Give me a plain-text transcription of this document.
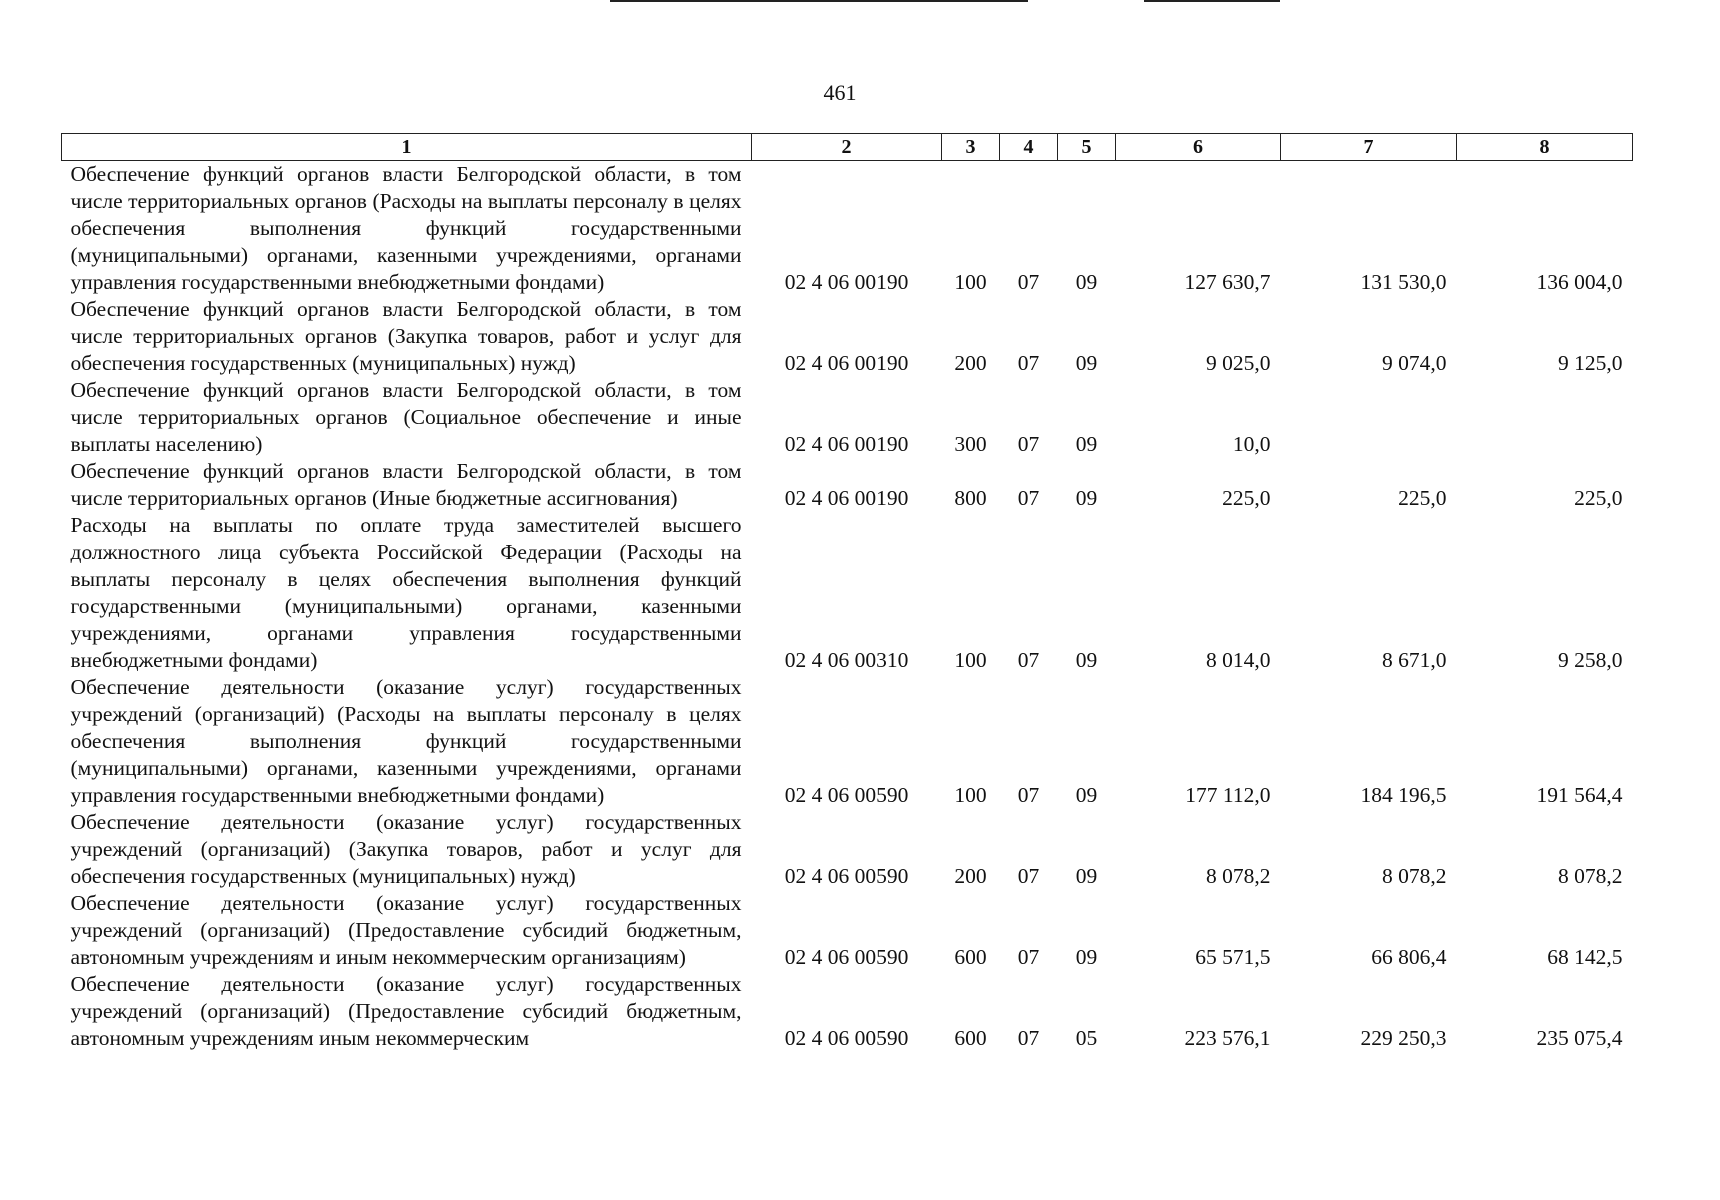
461
1	2	3	4	5	6	7	8
Обеспечение функций органов власти Белгородской области, в том числе территориальных органов (Расходы на выплаты персоналу в целях обеспечения выполнения функций государственными (муниципальными) органами, казенными учреждениями, органами управления государственными внебюджетными фондами)	02 4 06 00190	100	07	09	127 630,7	131 530,0	136 004,0
Обеспечение функций органов власти Белгородской области, в том числе территориальных органов (Закупка товаров, работ и услуг для обеспечения государственных (муниципальных) нужд)	02 4 06 00190	200	07	09	9 025,0	9 074,0	9 125,0
Обеспечение функций органов власти Белгородской области, в том числе территориальных органов (Социальное обеспечение и иные выплаты населению)	02 4 06 00190	300	07	09	10,0		
Обеспечение функций органов власти Белгородской области, в том числе территориальных органов (Иные бюджетные ассигнования)	02 4 06 00190	800	07	09	225,0	225,0	225,0
Расходы на выплаты по оплате труда заместителей высшего должностного лица субъекта Российской Федерации (Расходы на выплаты персоналу в целях обеспечения выполнения функций государственными (муниципальными) органами, казенными учреждениями, органами управления государственными внебюджетными фондами)	02 4 06 00310	100	07	09	8 014,0	8 671,0	9 258,0
Обеспечение деятельности (оказание услуг) государственных учреждений (организаций) (Расходы на выплаты персоналу в целях обеспечения выполнения функций государственными (муниципальными) органами, казенными учреждениями, органами управления государственными внебюджетными фондами)	02 4 06 00590	100	07	09	177 112,0	184 196,5	191 564,4
Обеспечение деятельности (оказание услуг) государственных учреждений (организаций) (Закупка товаров, работ и услуг для обеспечения государственных (муниципальных) нужд)	02 4 06 00590	200	07	09	8 078,2	8 078,2	8 078,2
Обеспечение деятельности (оказание услуг) государственных учреждений (организаций) (Предоставление субсидий бюджетным, автономным учреждениям и иным некоммерческим организациям)	02 4 06 00590	600	07	09	65 571,5	66 806,4	68 142,5
Обеспечение деятельности (оказание услуг) государственных учреждений (организаций) (Предоставление субсидий бюджетным, автономным учреждениям иным некоммерческим	02 4 06 00590	600	07	05	223 576,1	229 250,3	235 075,4
